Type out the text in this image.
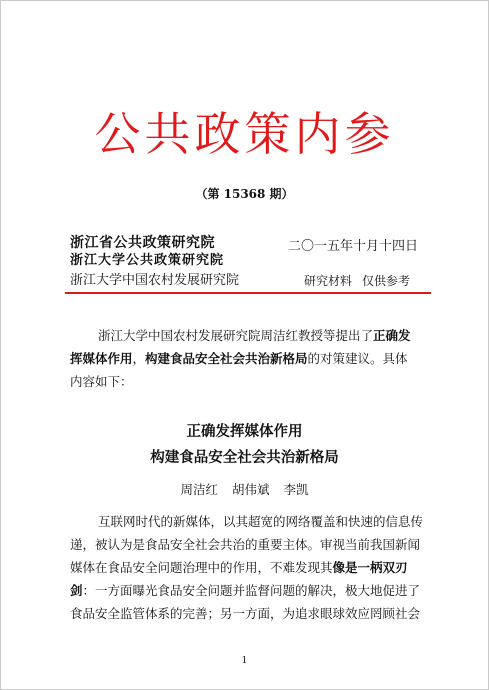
公共政策内参
（第 15368 期）
浙江省公共政策研究院
浙江大学公共政策研究院
浙江大学中国农村发展研究院
二〇一五年十月十四日
研究材料 仅供参考
浙江大学中国农村发展研究院周洁红教授等提出了正确发
挥媒体作用，构建食品安全社会共治新格局的对策建议。具体
内容如下：
正确发挥媒体作用
构建食品安全社会共治新格局
周洁红 胡伟斌 李凯
互联网时代的新媒体，以其超宽的网络覆盖和快速的信息传
递，被认为是食品安全社会共治的重要主体。审视当前我国新闻
媒体在食品安全问题治理中的作用，不难发现其像是一柄双刃
剑：一方面曝光食品安全问题并监督问题的解决，极大地促进了
食品安全监管体系的完善；另一方面，为追求眼球效应罔顾社会
1
